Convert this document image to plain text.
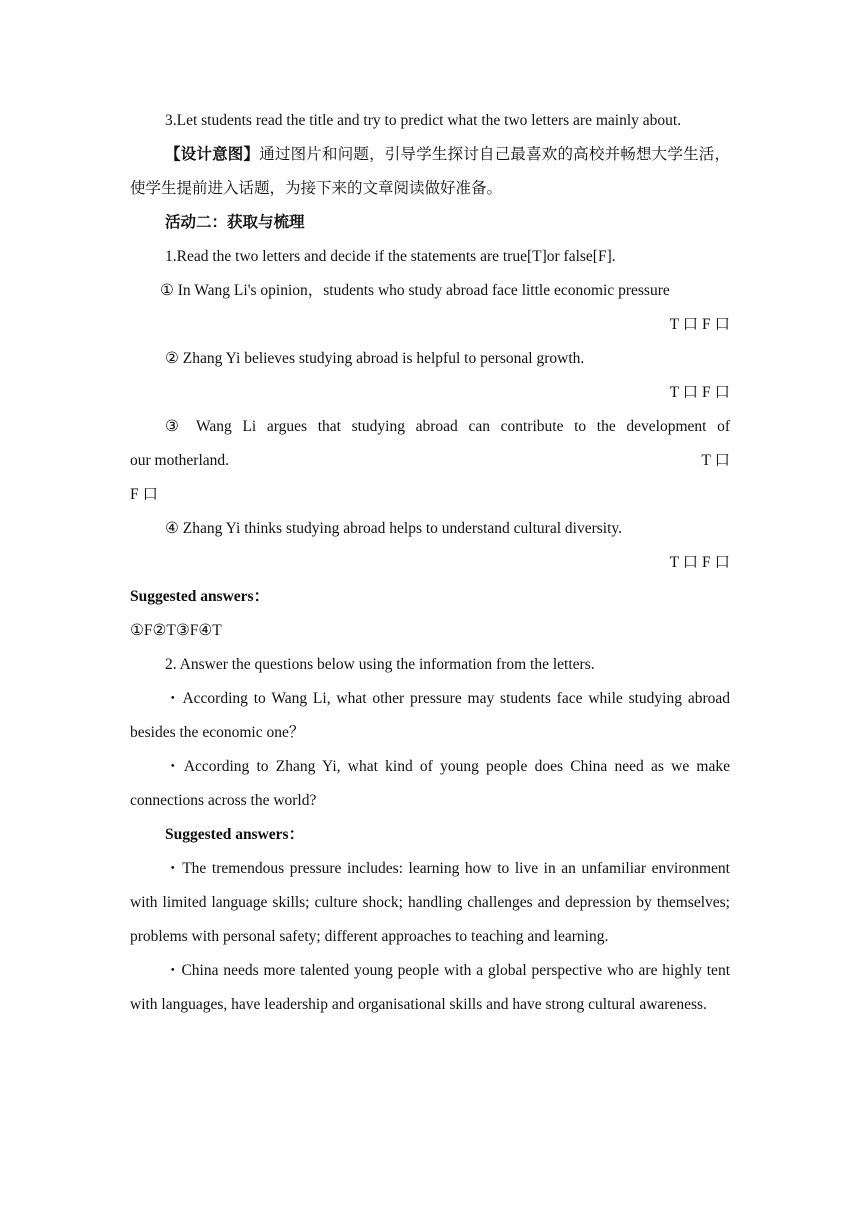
3.Let students read the title and try to predict what the two letters are mainly about.

【设计意图】通过图片和问题，引导学生探讨自己最喜欢的高校并畅想大学生活，使学生提前进入话题，为接下来的文章阅读做好准备。

活动二：获取与梳理

1.Read the two letters and decide if the statements are true[T]or false[F].

① In Wang Li's opinion，students who study abroad face little economic pressure

T 口 F 口

② Zhang Yi believes studying abroad is helpful to personal growth.

T 口 F 口

③ Wang Li argues that studying abroad can contribute to the development of

our motherland.	T 口

F 口

④ Zhang Yi thinks studying abroad helps to understand cultural diversity.

T 口 F 口

Suggested answers：

①F②T③F④T

2. Answer the questions below using the information from the letters.

・According to Wang Li, what other pressure may students face while studying abroad besides the economic one？

・According to Zhang Yi, what kind of young people does China need as we make connections across the world?

Suggested answers：

・The tremendous pressure includes: learning how to live in an unfamiliar environment with limited language skills; culture shock; handling challenges and depression by themselves; problems with personal safety; different approaches to teaching and learning.

・China needs more talented young people with a global perspective who are highly tent with languages, have leadership and organisational skills and have strong cultural awareness.
